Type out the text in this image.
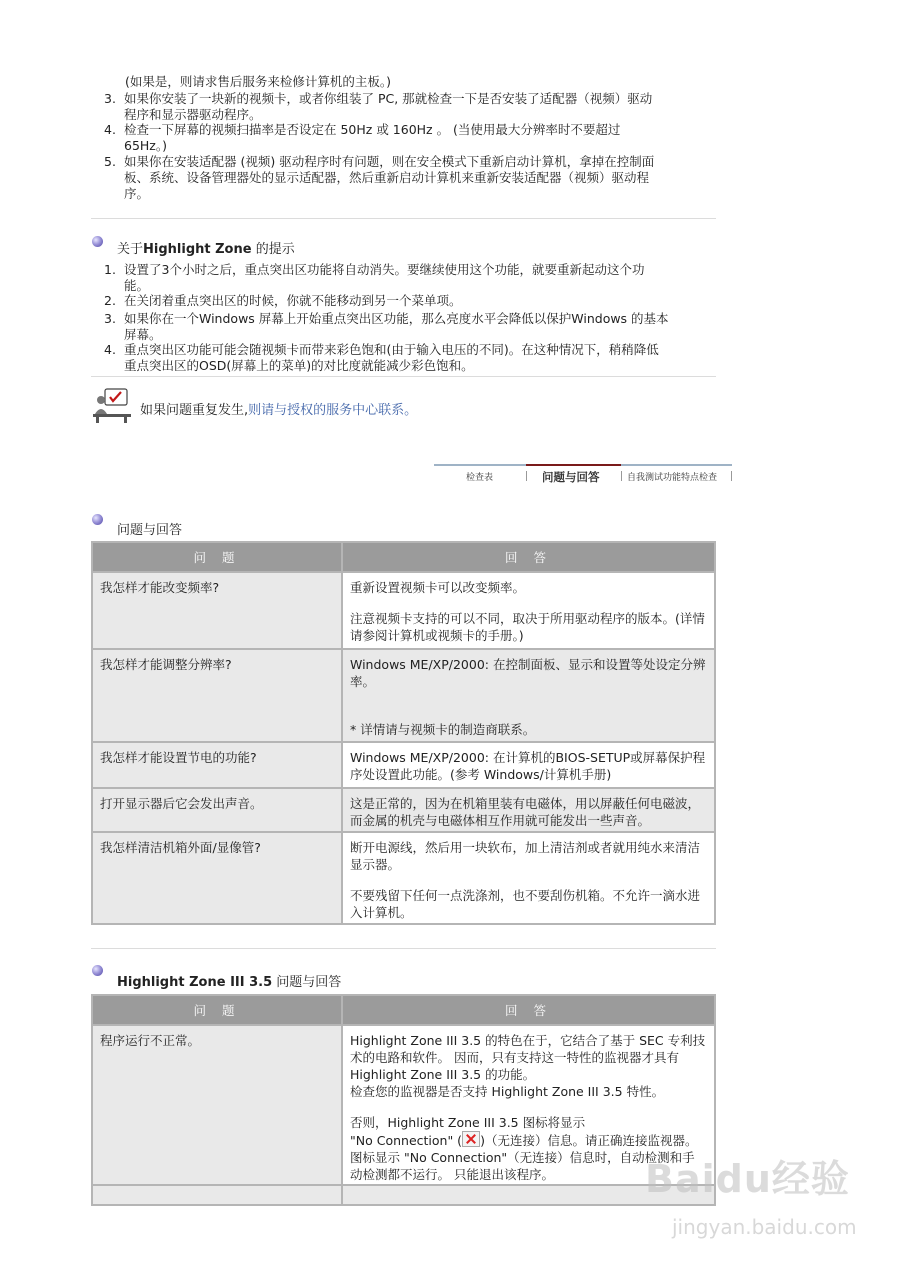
(如果是，则请求售后服务来检修计算机的主板。)
3. 如果你安装了一块新的视频卡，或者你组装了 PC, 那就检查一下是否安装了适配器（视频）驱动
程序和显示器驱动程序。
4. 检查一下屏幕的视频扫描率是否设定在 50Hz 或 160Hz 。 (当使用最大分辨率时不要超过
65Hz。)
5. 如果你在安装适配器 (视频) 驱动程序时有问题，则在安全模式下重新启动计算机，拿掉在控制面
板、系统、设备管理器处的显示适配器，然后重新启动计算机来重新安装适配器（视频）驱动程
序。
关于Highlight Zone 的提示
1. 设置了3个小时之后，重点突出区功能将自动消失。要继续使用这个功能，就要重新起动这个功
能。
2. 在关闭着重点突出区的时候，你就不能移动到另一个菜单项。
3. 如果你在一个Windows 屏幕上开始重点突出区功能，那么亮度水平会降低以保护Windows 的基本
屏幕。
4. 重点突出区功能可能会随视频卡而带来彩色饱和(由于输入电压的不同)。在这种情况下，稍稍降低
重点突出区的OSD(屏幕上的菜单)的对比度就能减少彩色饱和。
如果问题重复发生,则请与授权的服务中心联系。
检查表	问题与回答	自我测试功能特点检查
问题与回答
问 题	回 答
我怎样才能改变频率?	重新设置视频卡可以改变频率。

注意视频卡支持的可以不同，取决于所用驱动程序的版本。(详情请参阅计算机或视频卡的手册。)

我怎样才能调整分辨率?	Windows ME/XP/2000: 在控制面板、显示和设置等处设定分辨率。

* 详情请与视频卡的制造商联系。

我怎样才能设置节电的功能?	Windows ME/XP/2000: 在计算机的BIOS-SETUP或屏幕保护程序处设置此功能。(参考 Windows/计算机手册)

打开显示器后它会发出声音。	这是正常的，因为在机箱里装有电磁体，用以屏蔽任何电磁波，而金属的机壳与电磁体相互作用就可能发出一些声音。

我怎样清洁机箱外面/显像管?	断开电源线，然后用一块软布，加上清洁剂或者就用纯水来清洁显示器。

不要残留下任何一点洗涤剂，也不要刮伤机箱。不允许一滴水进入计算机。

Highlight Zone III 3.5 问题与回答
问 题	回 答
程序运行不正常。	Highlight Zone III 3.5 的特色在于，它结合了基于 SEC 专利技术的电路和软件。 因而，只有支持这一特性的监视器才具有 Highlight Zone III 3.5 的功能。

检查您的监视器是否支持 Highlight Zone III 3.5 特性。

否则，Highlight Zone III 3.5 图标将显示

"No Connection" ( )（无连接）信息。请正确连接监视器。 图标显示 "No Connection"（无连接）信息时，自动检测和手动检测都不运行。 只能退出该程序。

		Baidu经验
jingyan.baidu.com
